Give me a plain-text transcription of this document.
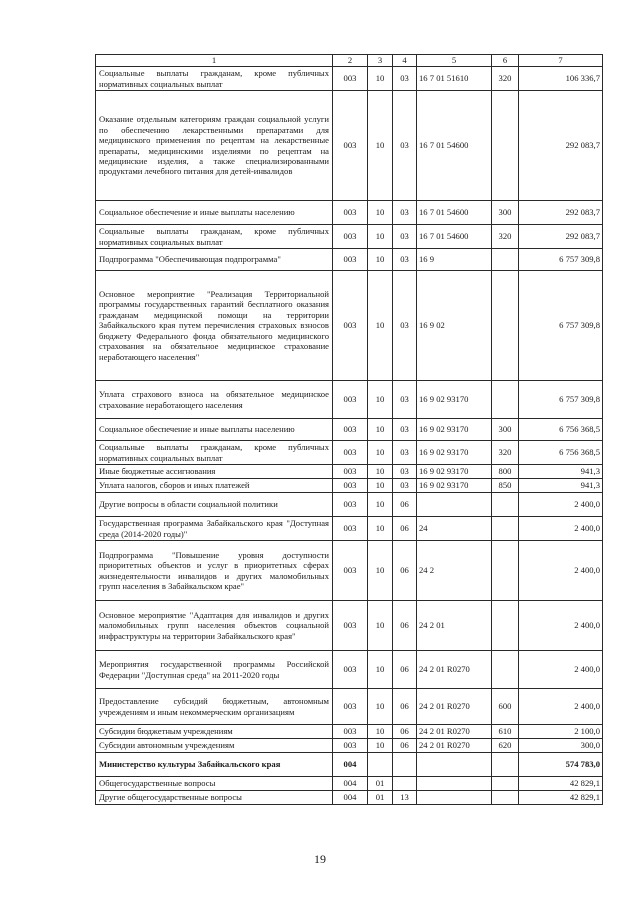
1	2	3	4	5	6	7
Социальные выплаты гражданам, кроме публичных нормативных социальных выплат	003	10	03	16 7 01 51610	320	106 336,7
Оказание отдельным категориям граждан социальной услуги по обеспечению лекарственными препаратами для медицинского применения по рецептам на лекарственные препараты, медицинскими изделиями по рецептам на медицинские изделия, а также специализированными продуктами лечебного питания для детей-инвалидов	003	10	03	16 7 01 54600		292 083,7
Социальное обеспечение и иные выплаты населению	003	10	03	16 7 01 54600	300	292 083,7
Социальные выплаты гражданам, кроме публичных нормативных социальных выплат	003	10	03	16 7 01 54600	320	292 083,7
Подпрограмма "Обеспечивающая подпрограмма"	003	10	03	16 9		6 757 309,8
Основное мероприятие "Реализация Территориальной программы государственных гарантий бесплатного оказания гражданам медицинской помощи на территории Забайкальского края путем перечисления страховых взносов бюджету Федерального фонда обязательного медицинского страхования на обязательное медицинское страхование неработающего населения"	003	10	03	16 9 02		6 757 309,8
Уплата страхового взноса на обязательное медицинское страхование неработающего населения	003	10	03	16 9 02 93170		6 757 309,8
Социальное обеспечение и иные выплаты населению	003	10	03	16 9 02 93170	300	6 756 368,5
Социальные выплаты гражданам, кроме публичных нормативных социальных выплат	003	10	03	16 9 02 93170	320	6 756 368,5
Иные бюджетные ассигнования	003	10	03	16 9 02 93170	800	941,3
Уплата налогов, сборов и иных платежей	003	10	03	16 9 02 93170	850	941,3
Другие вопросы в области социальной политики	003	10	06			2 400,0
Государственная программа Забайкальского края "Доступная среда (2014-2020 годы)"	003	10	06	24		2 400,0
Подпрограмма "Повышение уровня доступности приоритетных объектов и услуг в приоритетных сферах жизнедеятельности инвалидов и других маломобильных групп населения в Забайкальском крае"	003	10	06	24 2		2 400,0
Основное мероприятие "Адаптация для инвалидов и других маломобильных групп населения объектов социальной инфраструктуры на территории Забайкальского края"	003	10	06	24 2 01		2 400,0
Мероприятия государственной программы Российской Федерации "Доступная среда" на 2011-2020 годы	003	10	06	24 2 01 R0270		2 400,0
Предоставление субсидий бюджетным, автономным учреждениям и иным некоммерческим организациям	003	10	06	24 2 01 R0270	600	2 400,0
Субсидии бюджетным учреждениям	003	10	06	24 2 01 R0270	610	2 100,0
Субсидии автономным учреждениям	003	10	06	24 2 01 R0270	620	300,0
Министерство культуры Забайкальского края	004					574 783,0
Общегосударственные вопросы	004	01				42 829,1
Другие общегосударственные вопросы	004	01	13			42 829,1
19
